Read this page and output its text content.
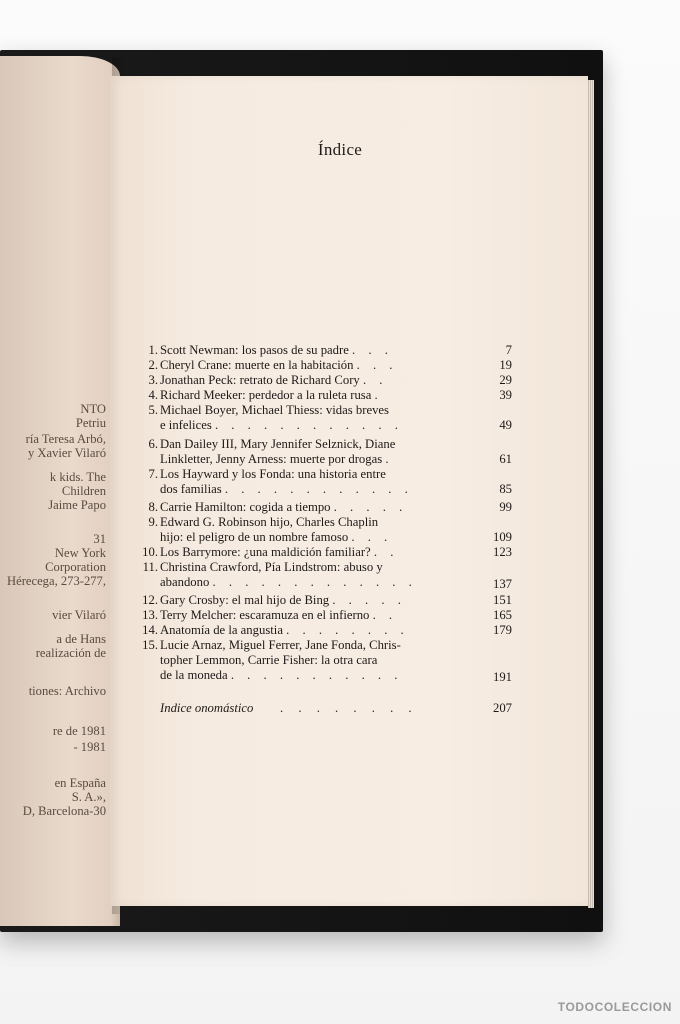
NTO
Petriu
ría Teresa Arbó,
y Xavier Vilaró
k kids. The
Children
Jaime Papo
31
New York
Corporation
Hérecega, 273-277,
vier Vilaró
a de Hans
realización de
tiones: Archivo
re de 1981
- 1981
en España
S. A.»,
D, Barcelona-30
Índice
1. Scott Newman: los pasos de su padre . . .	7
2. Cheryl Crane: muerte en la habitación . . .	19
3. Jonathan Peck: retrato de Richard Cory . .	29
4. Richard Meeker: perdedor a la ruleta rusa .	39
5. Michael Boyer, Michael Thiess: vidas breves
e infelices . . . . . . . . . . . .	49
6. Dan Dailey III, Mary Jennifer Selznick, Diane
Linkletter, Jenny Arness: muerte por drogas .	61
7. Los Hayward y los Fonda: una historia entre
dos familias . . . . . . . . . . . .	85
8. Carrie Hamilton: cogida a tiempo . . . . .	99
9. Edward G. Robinson hijo, Charles Chaplin
hijo: el peligro de un nombre famoso . . .	109
10. Los Barrymore: ¿una maldición familiar? . .	123
11. Christina Crawford, Pía Lindstrom: abuso y
abandono . . . . . . . . . . . . .	137
12. Gary Crosby: el mal hijo de Bing . . . . .	151
13. Terry Melcher: escaramuza en el infierno . .	165
14. Anatomía de la angustia . . . . . . . .	179
15. Lucie Arnaz, Miguel Ferrer, Jane Fonda, Chris-
topher Lemmon, Carrie Fisher: la otra cara
de la moneda . . . . . . . . . . .	191
Indice onomástico . . . . . . . .	207
TODOCOLECCION
